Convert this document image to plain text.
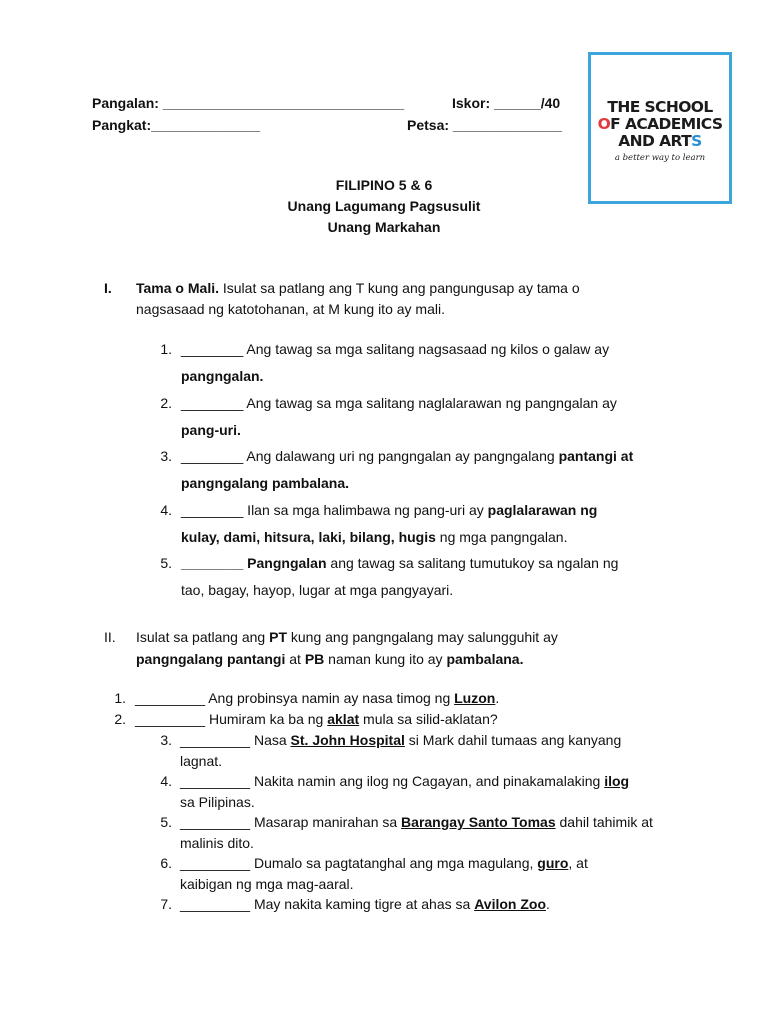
Pangalan: _______________________________	Iskor: ______/40
Pangkat:______________	Petsa: ______________
THE SCHOOL
OF ACADEMICS
AND ARTS
a better way to learn
FILIPINO 5 & 6
Unang Lagumang Pagsusulit
Unang Markahan
I. Tama o Mali. Isulat sa patlang ang T kung ang pangungusap ay tama o
nagsasaad ng katotohanan, at M kung ito ay mali.
1. ________ Ang tawag sa mga salitang nagsasaad ng kilos o galaw ay
pangngalan.
2. ________ Ang tawag sa mga salitang naglalarawan ng pangngalan ay
pang-uri.
3. ________ Ang dalawang uri ng pangngalan ay pangngalang pantangi at
pangngalang pambalana.
4. ________ Ilan sa mga halimbawa ng pang-uri ay paglalarawan ng
kulay, dami, hitsura, laki, bilang, hugis ng mga pangngalan.
5. ________ Pangngalan ang tawag sa salitang tumutukoy sa ngalan ng
tao, bagay, hayop, lugar at mga pangyayari.
II. Isulat sa patlang ang PT kung ang pangngalang may salungguhit ay
pangngalang pantangi at PB naman kung ito ay pambalana.
1. _________ Ang probinsya namin ay nasa timog ng Luzon.
2. _________ Humiram ka ba ng aklat mula sa silid-aklatan?
3. _________ Nasa St. John Hospital si Mark dahil tumaas ang kanyang
lagnat.
4. _________ Nakita namin ang ilog ng Cagayan, and pinakamalaking ilog
sa Pilipinas.
5. _________ Masarap manirahan sa Barangay Santo Tomas dahil tahimik at
malinis dito.
6. _________ Dumalo sa pagtatanghal ang mga magulang, guro, at
kaibigan ng mga mag-aaral.
7. _________ May nakita kaming tigre at ahas sa Avilon Zoo.
